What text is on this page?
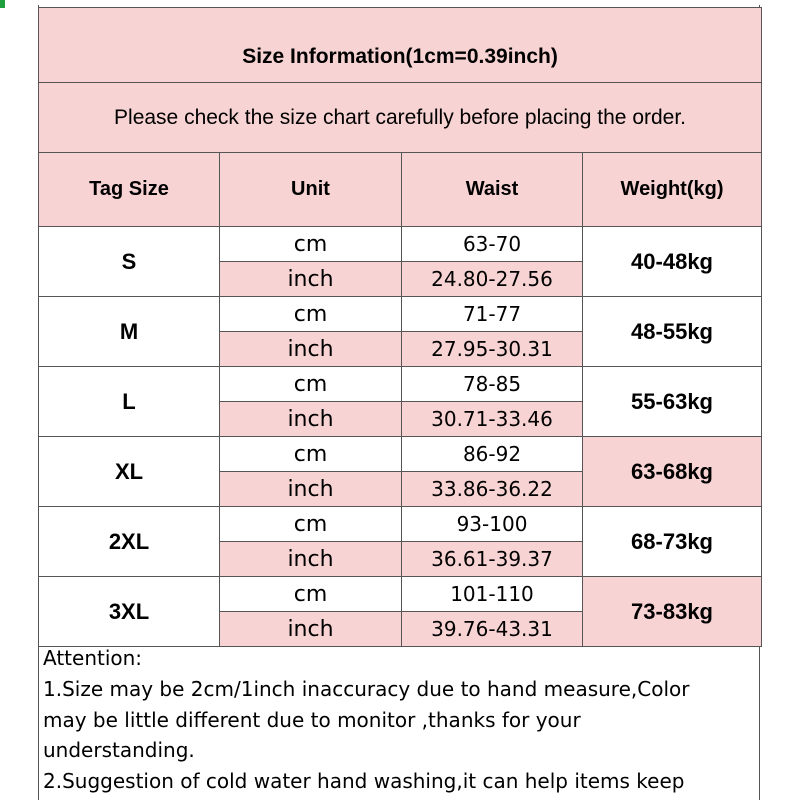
Size Information(1cm=0.39inch)			
Please check the size chart carefully before placing the order.			
Tag Size	Unit	Waist	Weight(kg)
S	cm	63-70	40-48kg
	inch	24.80-27.56	
M	cm	71-77	48-55kg
	inch	27.95-30.31	
L	cm	78-85	55-63kg
	inch	30.71-33.46	
XL	cm	86-92	63-68kg
	inch	33.86-36.22	
2XL	cm	93-100	68-73kg
	inch	36.61-39.37	
3XL	cm	101-110	73-83kg
	inch	39.76-43.31	
Attention:
1.Size may be 2cm/1inch inaccuracy due to hand measure,Color
may be little different due to monitor ,thanks for your
understanding.
2.Suggestion of cold water hand washing,it can help items keep
